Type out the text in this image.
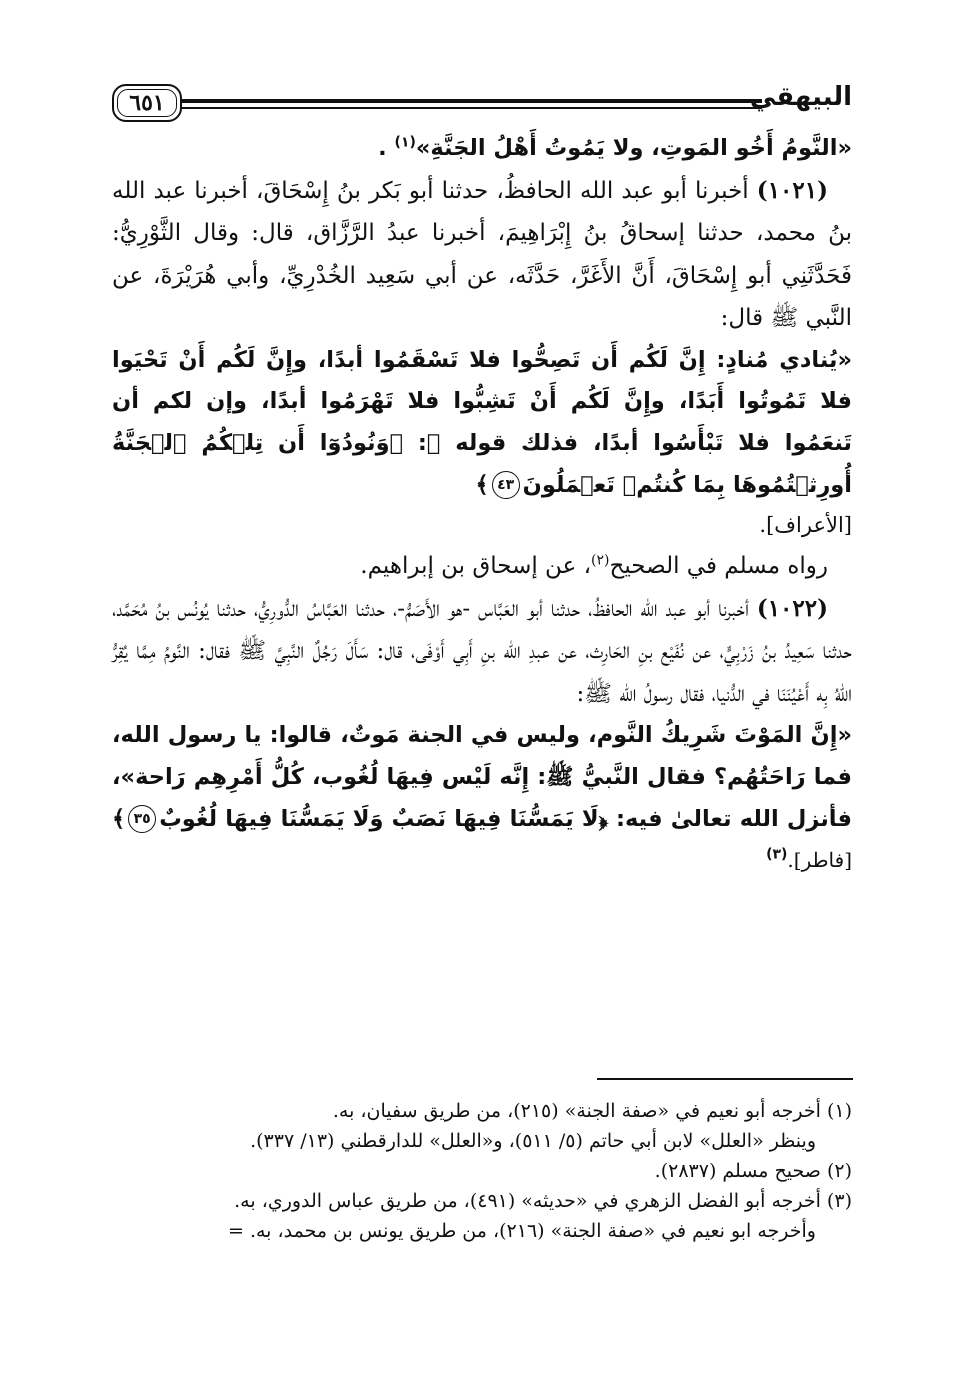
٦٥١	البيهقي

«النَّومُ أَخُو المَوتِ، ولا يَمُوتُ أَهْلُ الجَنَّةِ»$^{(١)}$ .

(١٠٢١) أخبرنا أبو عبد الله الحافظُ، حدثنا أبو بَكر بنُ إِسْحَاقَ، أخبرنا عبد الله بنُ محمد، حدثنا إسحاقُ بنُ إِبْرَاهِيمَ، أخبرنا عبدُ الرَّزَّاق، قال: وقال الثَّوْرِيُّ: فَحَدَّثَنِي أبو إِسْحَاقَ، أَنَّ الأَغَرَّ، حَدَّثَه، عن أبي سَعِيد الخُدْرِيِّ، وأبي هُرَيْرَةَ، عن النَّبي ﷺ قال:

«يُنادي مُنادٍ: إِنَّ لَكُم أَن تَصِحُّوا فلا تَسْقَمُوا أبدًا، وإِنَّ لَكُم أَنْ تَحْيَوا فلا تَمُوتُوا أَبَدًا، وإِنَّ لَكُم أَنْ تَشِبُّوا فلا تَهْرَمُوا أبدًا، وإن لكم أن تَنعَمُوا فلا تَبْأَسُوا أبدًا، فذلك قوله ﷻ: ﴿وَنُودُوٓا أَن تِلۡكُمُ ٱلۡجَنَّةُ أُورِثۡتُمُوهَا بِمَا كُنتُمۡ تَعۡمَلُونَ٤٣﴾
[الأعراف].

رواه مسلم في الصحيح$^{(٢)}$، عن إسحاق بن إبراهيم.

(١٠٢٢) أخبرنا أبو عبد الله الحافظُ، حدثنا أبو العَبَّاس -هو الأَصَمُّ-، حدثنا العَبَّاسُ الدُّورِيُّ، حدثنا يُونُس بنُ مُحَمَّد، حدثنا سَعِيدُ بنُ زَرْبِيٍّ، عن نُفَيْع بنِ الحَارِث، عن عبدِ الله بنِ أَبِي أَوْفَى، قال: سَأَلَ رَجُلٌ النَّبِيَّ ﷺ فقال: النَّومُ مِمَّا يُقِرُّ اللهُ بِه أَعْيُنَنَا في الدُّنيا، فقال رسولُ الله ﷺ:

«إِنَّ المَوْتَ شَرِيكُ النَّوم، وليس في الجنة مَوتٌ، قالوا: يا رسول الله، فما رَاحَتُهُم؟ فقال النَّبيُّ ﷺ: إِنَّه لَيْس فِيهَا لُغُوب، كُلُّ أَمْرِهِم رَاحة»، فأنزل الله تعالىٰ فيه: ﴿لَا يَمَسُّنَا فِيهَا نَصَبٌ وَلَا يَمَسُّنَا فِيهَا لُغُوبٌ٣٥﴾ [فاطر].$^{(٣)}$

(١) أخرجه أبو نعيم في «صفة الجنة» (٢١٥)، من طريق سفيان، به.
وينظر «العلل» لابن أبي حاتم (٥/ ٥١١)، و«العلل» للدارقطني (١٣/ ٣٣٧).
(٢) صحيح مسلم (٢٨٣٧).
(٣) أخرجه أبو الفضل الزهري في «حديثه» (٤٩١)، من طريق عباس الدوري، به.
وأخرجه ابو نعيم في «صفة الجنة» (٢١٦)، من طريق يونس بن محمد، به. =
